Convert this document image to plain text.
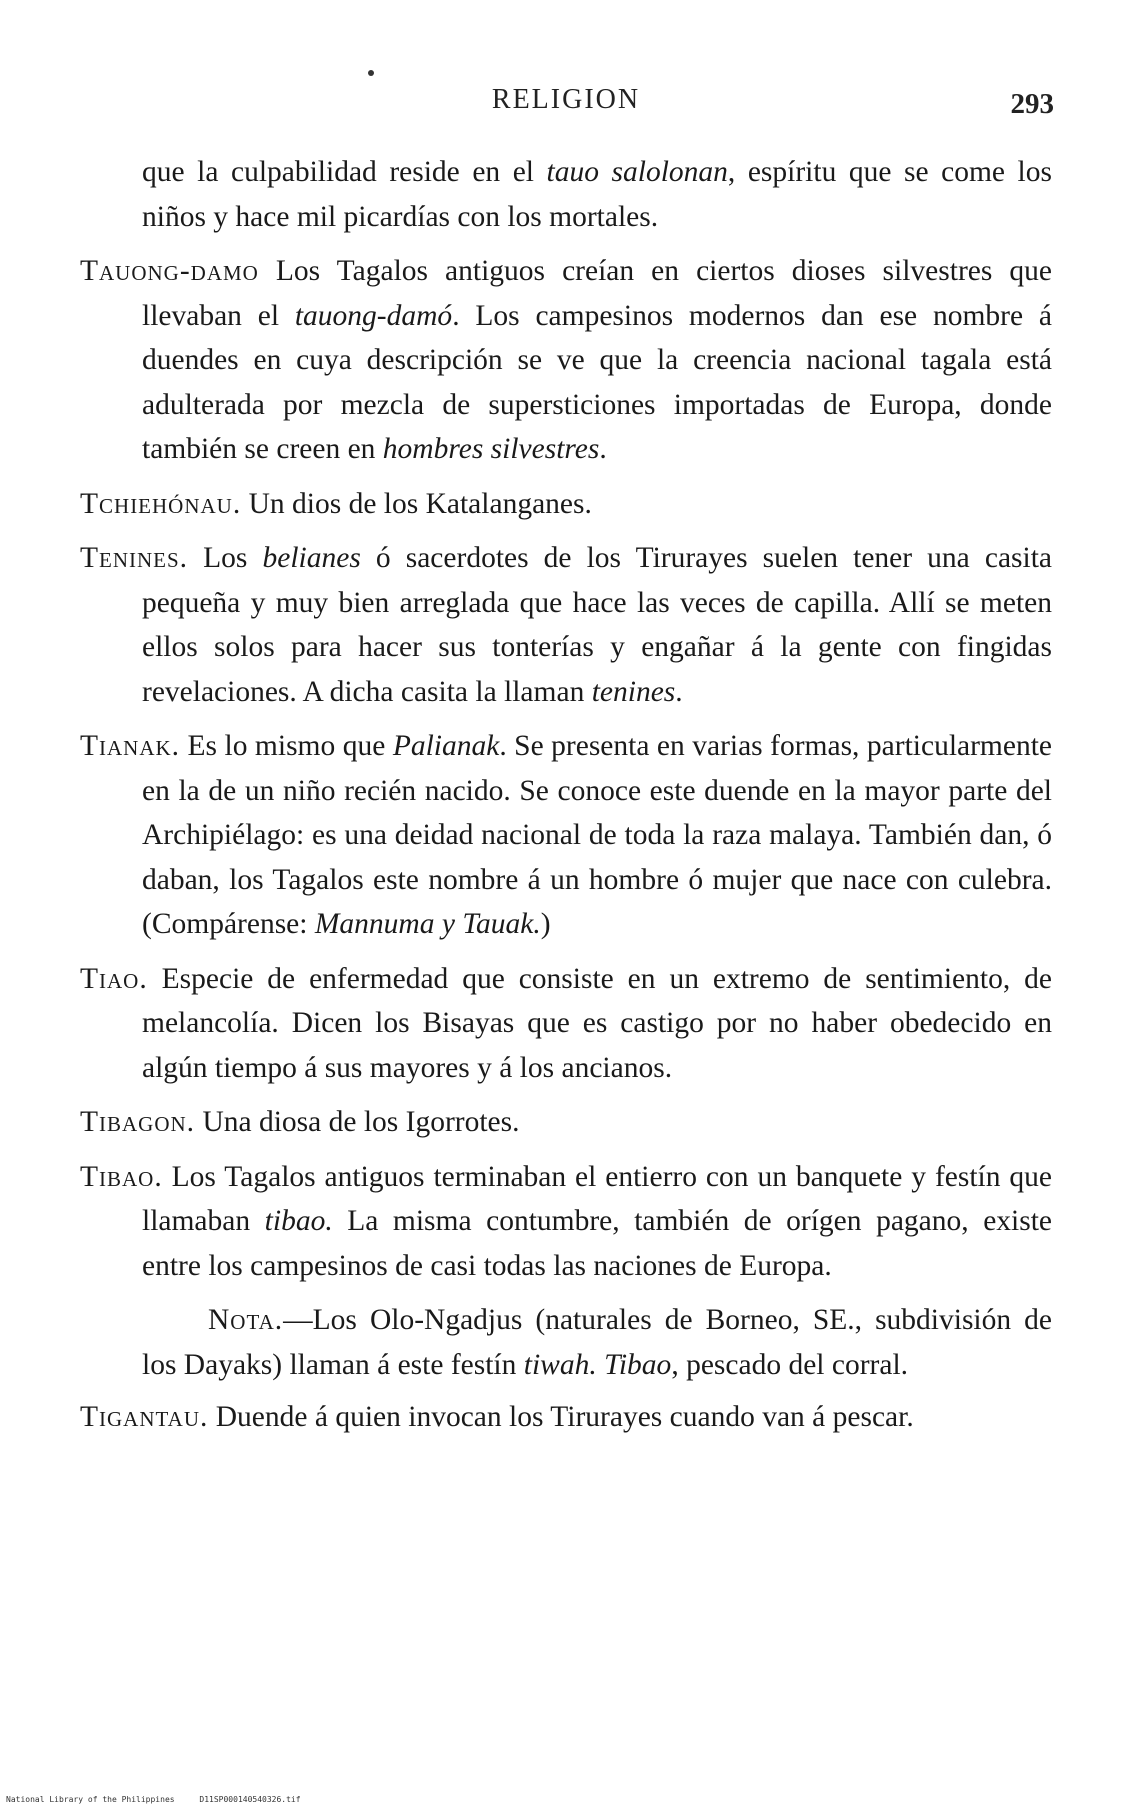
RELIGION	293

que la culpabilidad reside en el tauo salolonan, espíritu que se come los niños y hace mil picardías con los mortales.

Tauong-damo Los Tagalos antiguos creían en ciertos dioses silvestres que llevaban el tauong-damó. Los campesinos modernos dan ese nombre á duendes en cuya descripción se ve que la creencia nacional tagala está adulterada por mezcla de supersticiones importadas de Europa, donde también se creen en hombres silvestres.

Tchiehónau. Un dios de los Katalanganes.

Tenines. Los belianes ó sacerdotes de los Tirurayes suelen tener una casita pequeña y muy bien arreglada que hace las veces de capilla. Allí se meten ellos solos para hacer sus tonterías y engañar á la gente con fingidas revelaciones. A dicha casita la llaman tenines.

Tianak. Es lo mismo que Palianak. Se presenta en varias formas, particularmente en la de un niño recién nacido. Se conoce este duende en la mayor parte del Archipiélago: es una deidad nacional de toda la raza malaya. También dan, ó daban, los Tagalos este nombre á un hombre ó mujer que nace con culebra. (Compárense: Mannuma y Tauak.)

Tiao. Especie de enfermedad que consiste en un extremo de sentimiento, de melancolía. Dicen los Bisayas que es castigo por no haber obedecido en algún tiempo á sus mayores y á los ancianos.

Tibagon. Una diosa de los Igorrotes.

Tibao. Los Tagalos antiguos terminaban el entierro con un banquete y festín que llamaban tibao. La misma contumbre, también de orígen pagano, existe entre los campesinos de casi todas las naciones de Europa.

Nota.—Los Olo-Ngadjus (naturales de Borneo, SE., subdivisión de los Dayaks) llaman á este festín tiwah. Tibao, pescado del corral.

Tigantau. Duende á quien invocan los Tirurayes cuando van á pescar.

National Library of the Philippines	D11SP000140540326.tif
